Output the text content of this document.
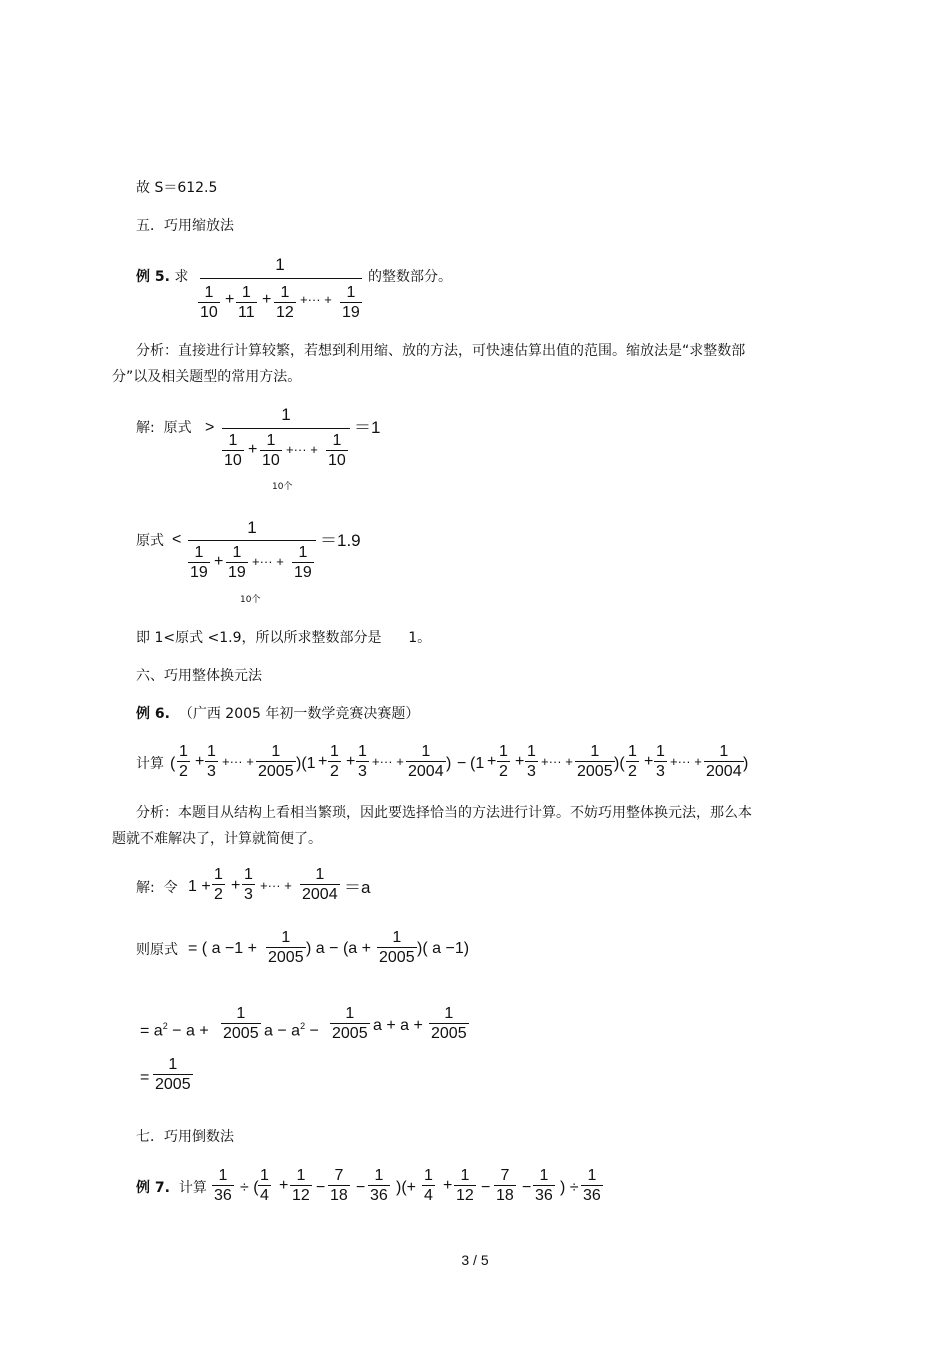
故 S＝612.5
五．巧用缩放法
例 5. 求
1
1
10
+ 1
11
+ 1
12
+··· + 1
19
的整数部分。
分析：直接进行计算较繁，若想到利用缩、放的方法，可快速估算出值的范围。缩放法是“求整数部分”以及相关题型的常用方法。
解: 原式 >
1
1
10
+
1
10
+··· +
1
10
10个
＝1
原式 <
1
1
19
+
1
19
+··· +
1
19
10个
＝1.9
即 1<原式 <1.9，所以所求整数部分是      1。
六、巧用整体换元法
例 6. （广西 2005 年初一数学竞赛决赛题）
计算 (
1
2
+
1
3
+··· +
1
2005 )(1 +
1
2
+
1
3
+··· +
1
2004 ) − (1 +
1
2
+
1
3
+··· +
1
2005 )(
1
2
+
1
3
+··· +
1
2004 )
分析：本题目从结构上看相当繁琐，因此要选择恰当的方法进行计算。不妨巧用整体换元法，那么本题就不难解决了，计算就简便了。
解: 令 1 +
1
2
+
1
3
+··· +
1
2004 ＝a
则原式 = ( a −1 +
1
2005
) a − (a +
1
2005
)( a −1)
= $a^2 - a$ +
1
2005 $a - a^2$ −
1
2005 a + a +
1
2005
=
1
2005
七．巧用倒数法
例 7. 计算
1
36 ÷ (
1
4
+
1
12 −
7
18 −
1
36 )(+
1
4
+
1
12 −
7
18 −
1
36 ) ÷
1
36
3 / 5
